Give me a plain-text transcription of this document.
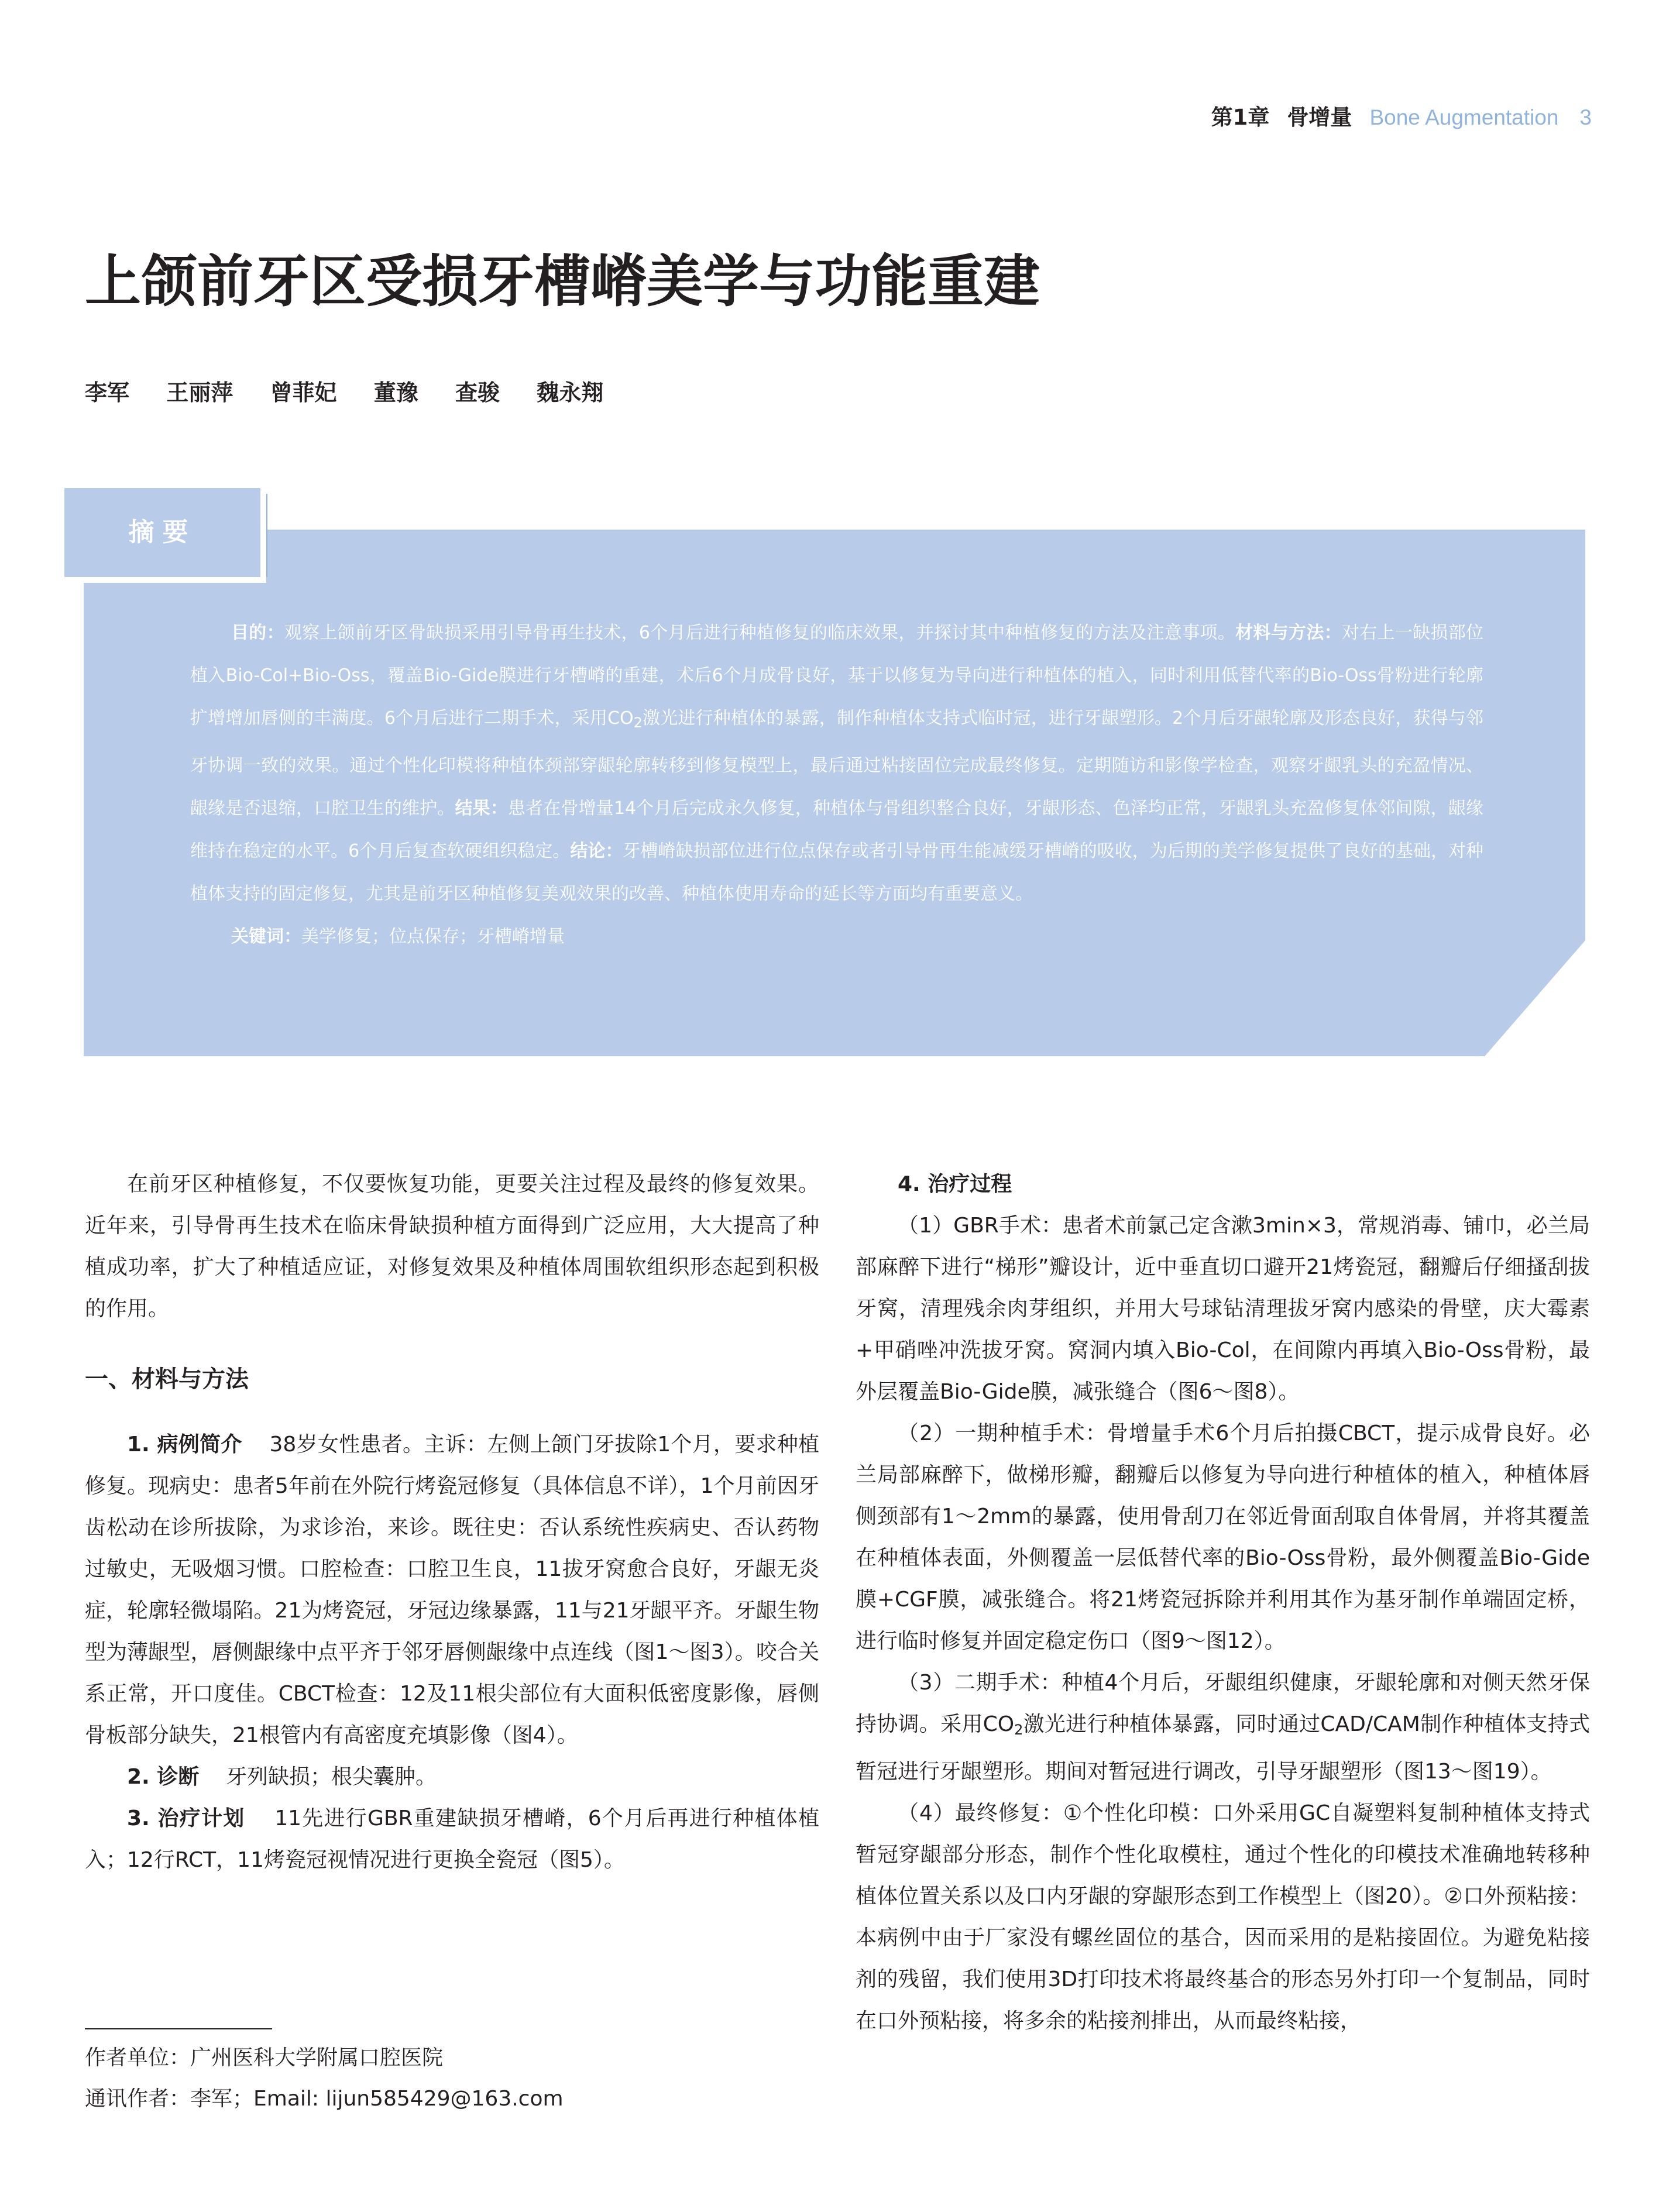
第1章 骨增量 Bone Augmentation 3
上颌前牙区受损牙槽嵴美学与功能重建
李军 王丽萍 曾菲妃 董豫 查骏 魏永翔
摘要

目的：观察上颌前牙区骨缺损采用引导骨再生技术，6个月后进行种植修复的临床效果，并探讨其中种植修复的方法及注意事项。材料与方法：对右上一缺损部位植入Bio-Col+Bio-Oss，覆盖Bio-Gide膜进行牙槽嵴的重建，术后6个月成骨良好，基于以修复为导向进行种植体的植入，同时利用低替代率的Bio-Oss骨粉进行轮廓扩增增加唇侧的丰满度。6个月后进行二期手术，采用$CO_2$激光进行种植体的暴露，制作种植体支持式临时冠，进行牙龈塑形。2个月后牙龈轮廓及形态良好，获得与邻牙协调一致的效果。通过个性化印模将种植体颈部穿龈轮廓转移到修复模型上，最后通过粘接固位完成最终修复。定期随访和影像学检查，观察牙龈乳头的充盈情况、龈缘是否退缩，口腔卫生的维护。结果：患者在骨增量14个月后完成永久修复，种植体与骨组织整合良好，牙龈形态、色泽均正常，牙龈乳头充盈修复体邻间隙，龈缘维持在稳定的水平。6个月后复查软硬组织稳定。结论：牙槽嵴缺损部位进行位点保存或者引导骨再生能减缓牙槽嵴的吸收，为后期的美学修复提供了良好的基础，对种植体支持的固定修复，尤其是前牙区种植修复美观效果的改善、种植体使用寿命的延长等方面均有重要意义。

关键词：美学修复；位点保存；牙槽嵴增量

在前牙区种植修复，不仅要恢复功能，更要关注过程及最终的修复效果。近年来，引导骨再生技术在临床骨缺损种植方面得到广泛应用，大大提高了种植成功率，扩大了种植适应证，对修复效果及种植体周围软组织形态起到积极的作用。

一、材料与方法

1. 病例简介 38岁女性患者。主诉：左侧上颌门牙拔除1个月，要求种植修复。现病史：患者5年前在外院行烤瓷冠修复（具体信息不详），1个月前因牙齿松动在诊所拔除，为求诊治，来诊。既往史：否认系统性疾病史、否认药物过敏史，无吸烟习惯。口腔检查：口腔卫生良，11拔牙窝愈合良好，牙龈无炎症，轮廓轻微塌陷。21为烤瓷冠，牙冠边缘暴露，11与21牙龈平齐。牙龈生物型为薄龈型，唇侧龈缘中点平齐于邻牙唇侧龈缘中点连线（图1～图3）。咬合关系正常，开口度佳。CBCT检查：12及11根尖部位有大面积低密度影像，唇侧骨板部分缺失，21根管内有高密度充填影像（图4）。

2. 诊断 牙列缺损；根尖囊肿。

3. 治疗计划 11先进行GBR重建缺损牙槽嵴，6个月后再进行种植体植入；12行RCT，11烤瓷冠视情况进行更换全瓷冠（图5）。

4. 治疗过程

（1）GBR手术：患者术前氯己定含漱3min×3，常规消毒、铺巾，必兰局部麻醉下进行“梯形”瓣设计，近中垂直切口避开21烤瓷冠，翻瓣后仔细搔刮拔牙窝，清理残余肉芽组织，并用大号球钻清理拔牙窝内感染的骨壁，庆大霉素+甲硝唑冲洗拔牙窝。窝洞内填入Bio-Col，在间隙内再填入Bio-Oss骨粉，最外层覆盖Bio-Gide膜，减张缝合（图6～图8）。

（2）一期种植手术：骨增量手术6个月后拍摄CBCT，提示成骨良好。必兰局部麻醉下，做梯形瓣，翻瓣后以修复为导向进行种植体的植入，种植体唇侧颈部有1～2mm的暴露，使用骨刮刀在邻近骨面刮取自体骨屑，并将其覆盖在种植体表面，外侧覆盖一层低替代率的Bio-Oss骨粉，最外侧覆盖Bio-Gide膜+CGF膜，减张缝合。将21烤瓷冠拆除并利用其作为基牙制作单端固定桥，进行临时修复并固定稳定伤口（图9～图12）。

（3）二期手术：种植4个月后，牙龈组织健康，牙龈轮廓和对侧天然牙保持协调。采用$CO_2$激光进行种植体暴露，同时通过CAD/CAM制作种植体支持式暂冠进行牙龈塑形。期间对暂冠进行调改，引导牙龈塑形（图13～图19）。

（4）最终修复：①个性化印模：口外采用GC自凝塑料复制种植体支持式暂冠穿龈部分形态，制作个性化取模柱，通过个性化的印模技术准确地转移种植体位置关系以及口内牙龈的穿龈形态到工作模型上（图20）。②口外预粘接：本病例中由于厂家没有螺丝固位的基合，因而采用的是粘接固位。为避免粘接剂的残留，我们使用3D打印技术将最终基合的形态另外打印一个复制品，同时在口外预粘接，将多余的粘接剂排出，从而最终粘接，

作者单位：广州医科大学附属口腔医院
通讯作者：李军；Email: lijun585429@163.com
